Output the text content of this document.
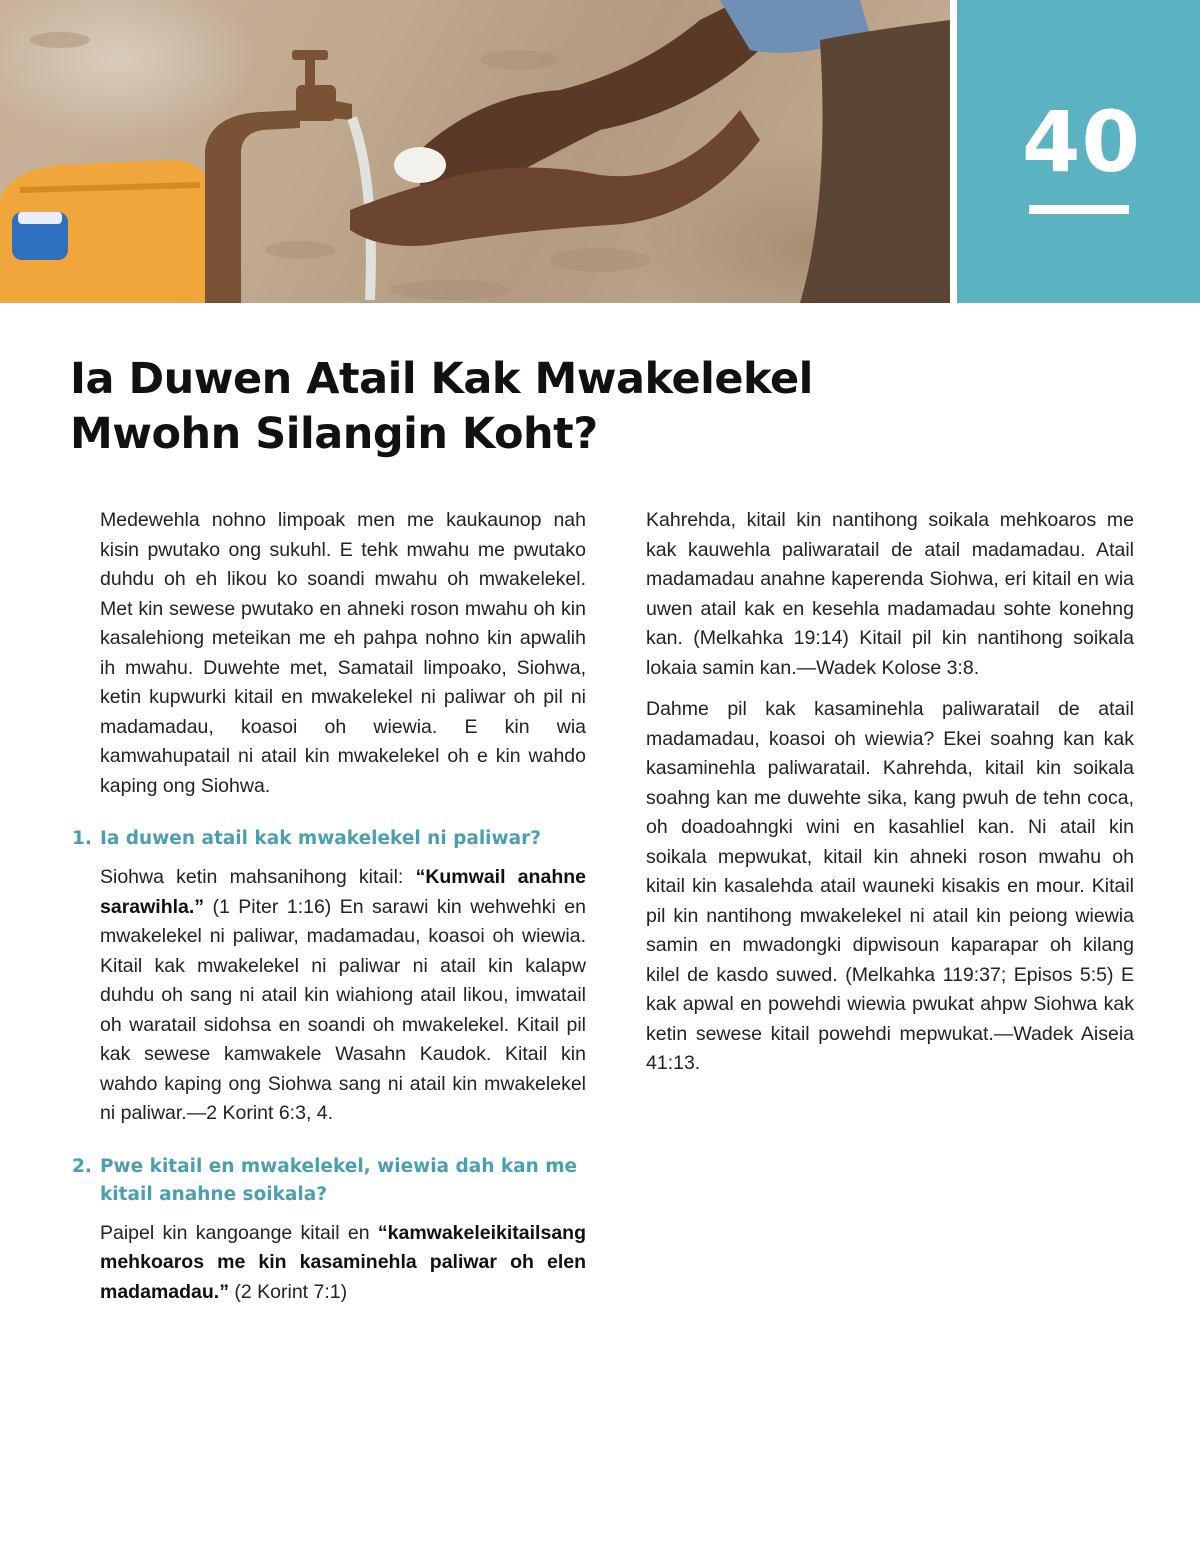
40
Ia Duwen Atail Kak Mwakelekel
Mwohn Silangin Koht?

Medewehla nohno limpoak men me kaukaunop nah kisin pwutako ong sukuhl. E tehk mwahu me pwutako duhdu oh eh likou ko soandi mwahu oh mwakelekel. Met kin sewese pwutako en ahneki roson mwahu oh kin kasalehiong meteikan me eh pahpa nohno kin apwalih ih mwahu. Duwehte met, Samatail limpoako, Siohwa, ketin kupwurki kitail en mwakelekel ni paliwar oh pil ni madamadau, koasoi oh wiewia. E kin wia kamwahupatail ni atail kin mwakelekel oh e kin wahdo kaping ong Siohwa.

1. Ia duwen atail kak mwakelekel ni paliwar?

Siohwa ketin mahsanihong kitail: “Kumwail anahne sarawihla.” (1 Piter 1:16) En sarawi kin wehwehki en mwakelekel ni paliwar, madamadau, koasoi oh wiewia. Kitail kak mwakelekel ni paliwar ni atail kin kalapw duhdu oh sang ni atail kin wiahiong atail likou, imwatail oh waratail sidohsa en soandi oh mwakelekel. Kitail pil kak sewese kamwakele Wasahn Kaudok. Kitail kin wahdo kaping ong Siohwa sang ni atail kin mwakelekel ni paliwar.—2 Korint 6:3, 4.

2. Pwe kitail en mwakelekel, wiewia dah kan me kitail anahne soikala?

Paipel kin kangoange kitail en “kamwakeleikitailsang mehkoaros me kin kasaminehla paliwar oh elen madamadau.” (2 Korint 7:1)

Kahrehda, kitail kin nantihong soikala mehkoaros me kak kauwehla paliwaratail de atail madamadau. Atail madamadau anahne kaperenda Siohwa, eri kitail en wia uwen atail kak en kesehla madamadau sohte konehng kan. (Melkahka 19:14) Kitail pil kin nantihong soikala lokaia samin kan.—Wadek Kolose 3:8.

Dahme pil kak kasaminehla paliwaratail de atail madamadau, koasoi oh wiewia? Ekei soahng kan kak kasaminehla paliwaratail. Kahrehda, kitail kin soikala soahng kan me duwehte sika, kang pwuh de tehn coca, oh doadoahngki wini en kasahliel kan. Ni atail kin soikala mepwukat, kitail kin ahneki roson mwahu oh kitail kin kasalehda atail wauneki kisakis en mour. Kitail pil kin nantihong mwakelekel ni atail kin peiong wiewia samin en mwadongki dipwisoun kaparapar oh kilang kilel de kasdo suwed. (Melkahka 119:37; Episos 5:5) E kak apwal en powehdi wiewia pwukat ahpw Siohwa kak ketin sewese kitail powehdi mepwukat.—Wadek Aiseia 41:13.
